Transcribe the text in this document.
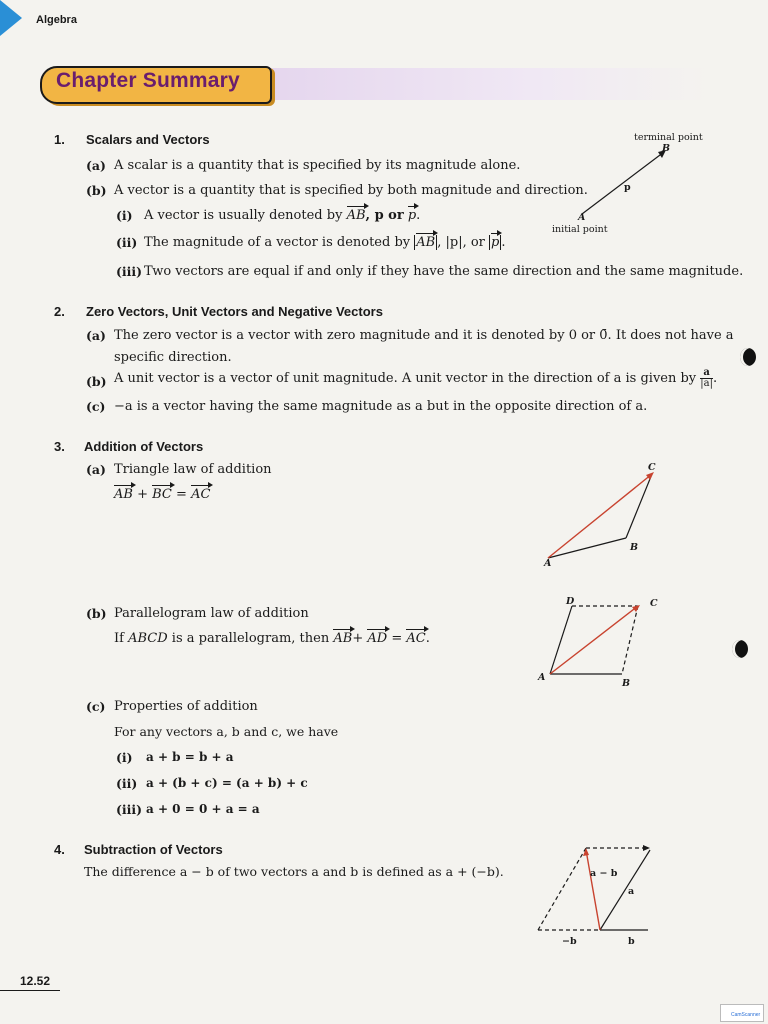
Algebra
Chapter Summary
1. Scalars and Vectors
(a) A scalar is a quantity that is specified by its magnitude alone.
(b) A vector is a quantity that is specified by both magnitude and direction.
(i) A vector is usually denoted by AB, p or p.
(ii) The magnitude of a vector is denoted by AB , |p|, or p .
(iii) Two vectors are equal if and only if they have the same direction and the same magnitude.
terminal point
B
p
A
initial point
2. Zero Vectors, Unit Vectors and Negative Vectors
(a) The zero vector is a vector with zero magnitude and it is denoted by 0 or 0̄. It does not have a
specific direction.
(b) A unit vector is a vector of unit magnitude. A unit vector in the direction of a is given by $\frac{a}{|a|}$ .
(c) −a is a vector having the same magnitude as a but in the opposite direction of a.
3. Addition of Vectors
(a) Triangle law of addition
AB + BC = AC
C
B
A
(b) Parallelogram law of addition
If ABCD is a parallelogram, then AB+ AD = AC.
D	C
A
B
(c) Properties of addition
For any vectors a, b and c, we have
(i) a + b = b + a
(ii) a + (b + c) = (a + b) + c
(iii) a + 0 = 0 + a = a
4. Subtraction of Vectors
The difference a − b of two vectors a and b is defined as a + (−b).	a − b
a
−b	b
12.52
CamScanner
